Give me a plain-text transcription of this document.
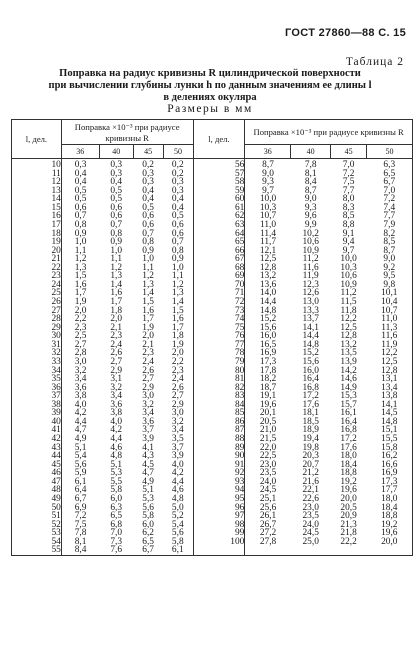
ГОСТ 27860—88 С. 15
Таблица 2
Поправка на радиус кривизны R цилиндрической поверхности
при вычислении глубины лунки h по данным значениям ее длины l
в делениях окуляра
Размеры в мм
l, дел.	Поправка ×10⁻³ при радиусе кривизны R				l, дел.	Поправка ×10⁻³ при радиусе кривизны R			
	36	40	45	50		36	40	45	50
10	0,3	0,3	0,2	0,2	56	8,7	7,8	7,0	6,3
11	0,4	0,3	0,3	0,2	57	9,0	8,1	7,2	6,5
12	0,4	0,4	0,3	0,3	58	9,3	8,4	7,5	6,7
13	0,5	0,5	0,4	0,3	59	9,7	8,7	7,7	7,0
14	0,5	0,5	0,4	0,4	60	10,0	9,0	8,0	7,2
15	0,6	0,6	0,5	0,4	61	10,3	9,3	8,3	7,4
16	0,7	0,6	0,6	0,5	62	10,7	9,6	8,5	7,7
17	0,8	0,7	0,6	0,6	63	11,0	9,9	8,8	7,9
18	0,9	0,8	0,7	0,6	64	11,4	10,2	9,1	8,2
19	1,0	0,9	0,8	0,7	65	11,7	10,6	9,4	8,5
20	1,1	1,0	0,9	0,8	66	12,1	10,9	9,7	8,7
21	1,2	1,1	1,0	0,9	67	12,5	11,2	10,0	9,0
22	1,3	1,2	1,1	1,0	68	12,8	11,6	10,3	9,2
23	1,5	1,3	1,2	1,1	69	13,2	11,9	10,6	9,5
24	1,6	1,4	1,3	1,2	70	13,6	12,3	10,9	9,8
25	1,7	1,6	1,4	1,3	71	14,0	12,6	11,2	10,1
26	1,9	1,7	1,5	1,4	72	14,4	13,0	11,5	10,4
27	2,0	1,8	1,6	1,5	73	14,8	13,3	11,8	10,7
28	2,2	2,0	1,7	1,6	74	15,2	13,7	12,2	11,0
29	2,3	2,1	1,9	1,7	75	15,6	14,1	12,5	11,3
30	2,5	2,3	2,0	1,8	76	16,0	14,4	12,8	11,6
31	2,7	2,4	2,1	1,9	77	16,5	14,8	13,2	11,9
32	2,8	2,6	2,3	2,0	78	16,9	15,2	13,5	12,2
33	3,0	2,7	2,4	2,2	79	17,3	15,6	13,9	12,5
34	3,2	2,9	2,6	2,3	80	17,8	16,0	14,2	12,8
35	3,4	3,1	2,7	2,4	81	18,2	16,4	14,6	13,1
36	3,6	3,2	2,9	2,6	82	18,7	16,8	14,9	13,4
37	3,8	3,4	3,0	2,7	83	19,1	17,2	15,3	13,8
38	4,0	3,6	3,2	2,9	84	19,6	17,6	15,7	14,1
39	4,2	3,8	3,4	3,0	85	20,1	18,1	16,1	14,5
40	4,4	4,0	3,6	3,2	86	20,5	18,5	16,4	14,8
41	4,7	4,2	3,7	3,4	87	21,0	18,9	16,8	15,1
42	4,9	4,4	3,9	3,5	88	21,5	19,4	17,2	15,5
43	5,1	4,6	4,1	3,7	89	22,0	19,8	17,6	15,8
44	5,4	4,8	4,3	3,9	90	22,5	20,3	18,0	16,2
45	5,6	5,1	4,5	4,0	91	23,0	20,7	18,4	16,6
46	5,9	5,3	4,7	4,2	92	23,5	21,2	18,8	16,9
47	6,1	5,5	4,9	4,4	93	24,0	21,6	19,2	17,3
48	6,4	5,8	5,1	4,6	94	24,5	22,1	19,6	17,7
49	6,7	6,0	5,3	4,8	95	25,1	22,6	20,0	18,0
50	6,9	6,3	5,6	5,0	96	25,6	23,0	20,5	18,4
51	7,2	6,5	5,8	5,2	97	26,1	23,5	20,9	18,8
52	7,5	6,8	6,0	5,4	98	26,7	24,0	21,3	19,2
53	7,8	7,0	6,2	5,6	99	27,2	24,5	21,8	19,6
54	8,1	7,3	6,5	5,8	100	27,8	25,0	22,2	20,0
55	8,4	7,6	6,7	6,1					
